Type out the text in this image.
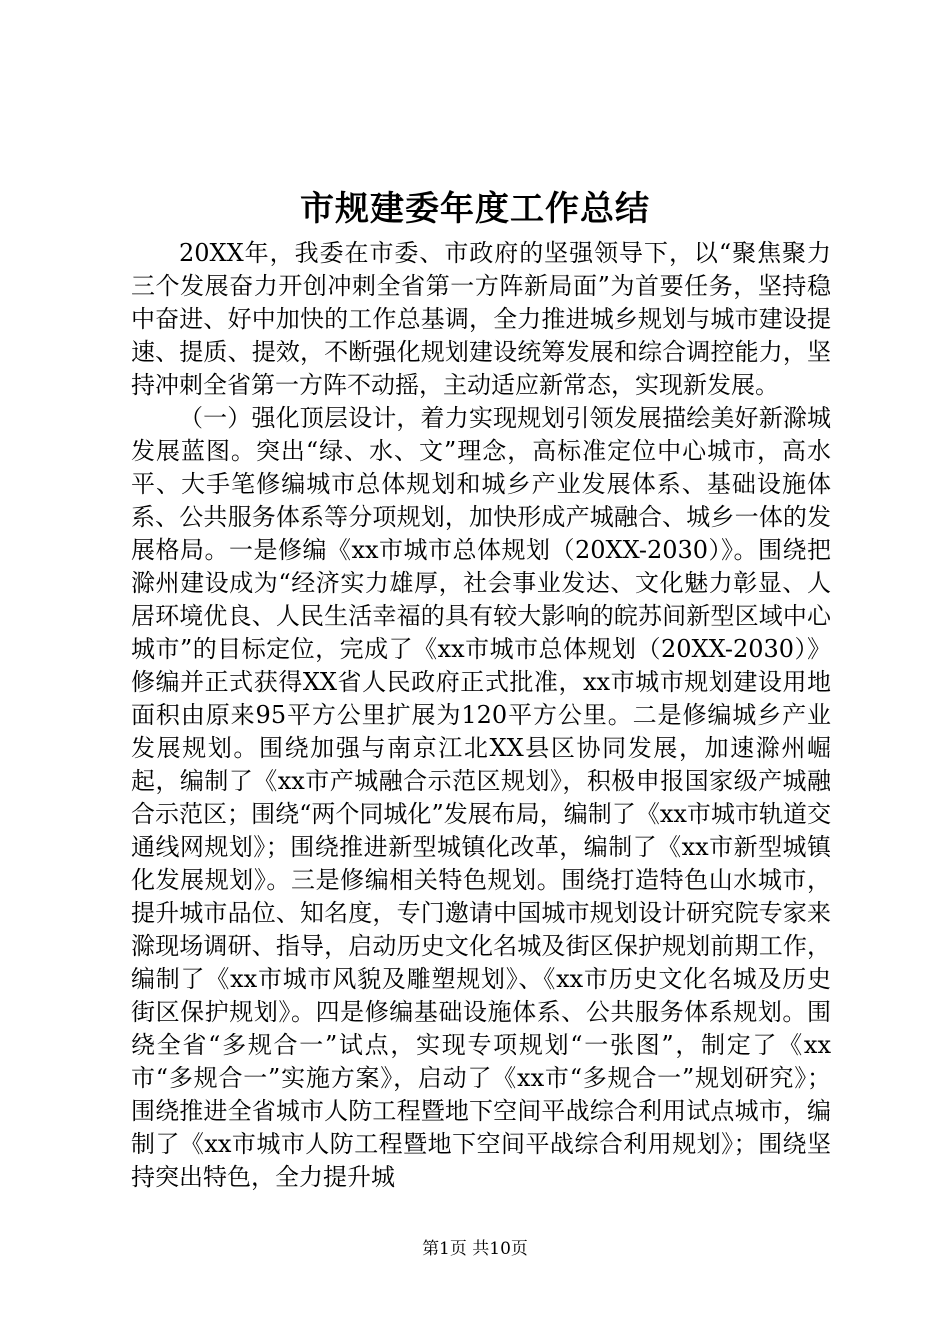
市规建委年度工作总结

20XX年，我委在市委、市政府的坚强领导下，以“聚焦聚力三个发展奋力开创冲刺全省第一方阵新局面”为首要任务，坚持稳中奋进、好中加快的工作总基调，全力推进城乡规划与城市建设提速、提质、提效，不断强化规划建设统筹发展和综合调控能力，坚持冲刺全省第一方阵不动摇，主动适应新常态，实现新发展。

（一）强化顶层设计，着力实现规划引领发展描绘美好新滁城发展蓝图。突出“绿、水、文”理念，高标准定位中心城市，高水平、大手笔修编城市总体规划和城乡产业发展体系、基础设施体系、公共服务体系等分项规划，加快形成产城融合、城乡一体的发展格局。一是修编《xx市城市总体规划（20XX-2030）》。围绕把滁州建设成为“经济实力雄厚，社会事业发达、文化魅力彰显、人居环境优良、人民生活幸福的具有较大影响的皖苏间新型区域中心城市”的目标定位，完成了《xx市城市总体规划（20XX-2030）》修编并正式获得XX省人民政府正式批准，xx市城市规划建设用地面积由原来95平方公里扩展为120平方公里。二是修编城乡产业发展规划。围绕加强与南京江北XX县区协同发展，加速滁州崛起，编制了《xx市产城融合示范区规划》，积极申报国家级产城融合示范区；围绕“两个同城化”发展布局，编制了《xx市城市轨道交通线网规划》；围绕推进新型城镇化改革，编制了《xx市新型城镇化发展规划》。三是修编相关特色规划。围绕打造特色山水城市，提升城市品位、知名度，专门邀请中国城市规划设计研究院专家来滁现场调研、指导，启动历史文化名城及街区保护规划前期工作，编制了《xx市城市风貌及雕塑规划》、《xx市历史文化名城及历史街区保护规划》。四是修编基础设施体系、公共服务体系规划。围绕全省“多规合一”试点，实现专项规划“一张图”，制定了《xx市“多规合一”实施方案》，启动了《xx市“多规合一”规划研究》；围绕推进全省城市人防工程暨地下空间平战综合利用试点城市，编制了《xx市城市人防工程暨地下空间平战综合利用规划》；围绕坚持突出特色，全力提升城

第1页 共10页
